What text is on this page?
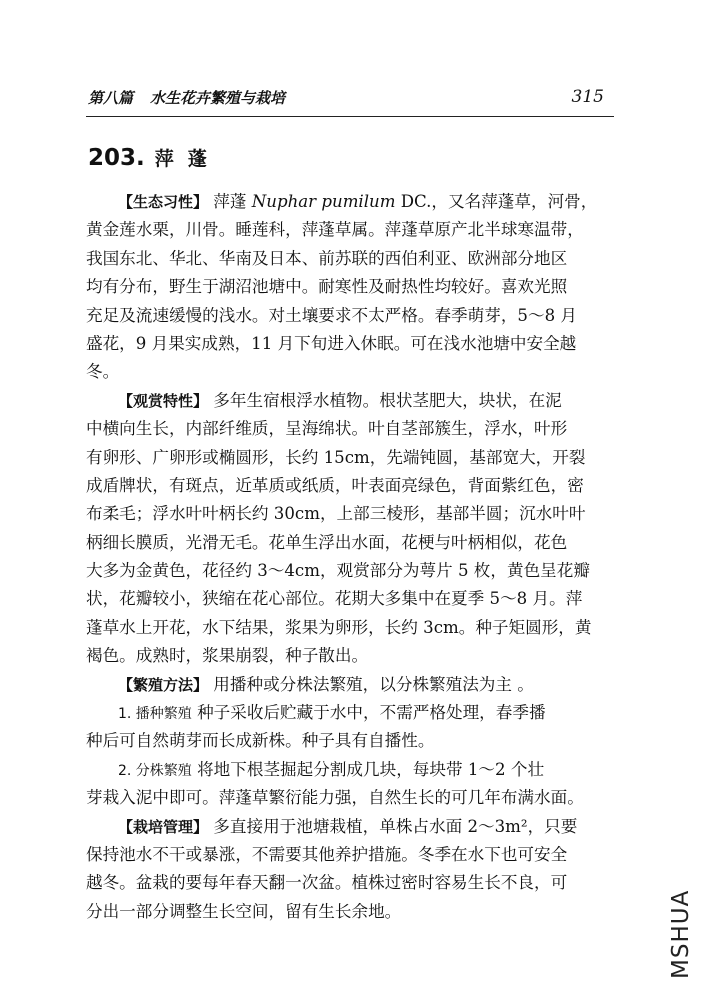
第八篇 水生花卉繁殖与栽培	315
203. 萍蓬
【生态习性】 萍蓬 Nuphar pumilum DC.，又名萍蓬草，河骨，
黄金莲水栗，川骨。睡莲科，萍蓬草属。萍蓬草原产北半球寒温带，
我国东北、华北、华南及日本、前苏联的西伯利亚、欧洲部分地区
均有分布，野生于湖沼池塘中。耐寒性及耐热性均较好。喜欢光照
充足及流速缓慢的浅水。对土壤要求不太严格。春季萌芽，5～8 月
盛花，9 月果实成熟，11 月下旬进入休眠。可在浅水池塘中安全越
冬。
【观赏特性】 多年生宿根浮水植物。根状茎肥大，块状，在泥
中横向生长，内部纤维质，呈海绵状。叶自茎部簇生，浮水，叶形
有卵形、广卵形或椭圆形，长约 15cm，先端钝圆，基部宽大，开裂
成盾牌状，有斑点，近革质或纸质，叶表面亮绿色，背面紫红色，密
布柔毛；浮水叶叶柄长约 30cm，上部三棱形，基部半圆；沉水叶叶
柄细长膜质，光滑无毛。花单生浮出水面，花梗与叶柄相似，花色
大多为金黄色，花径约 3～4cm，观赏部分为萼片 5 枚，黄色呈花瓣
状，花瓣较小，狭缩在花心部位。花期大多集中在夏季 5～8 月。萍
蓬草水上开花，水下结果，浆果为卵形，长约 3cm。种子矩圆形，黄
褐色。成熟时，浆果崩裂，种子散出。
【繁殖方法】 用播种或分株法繁殖，以分株繁殖法为主 。
1. 播种繁殖 种子采收后贮藏于水中，不需严格处理，春季播
种后可自然萌芽而长成新株。种子具有自播性。
2. 分株繁殖 将地下根茎掘起分割成几块，每块带 1～2 个壮
芽栽入泥中即可。萍蓬草繁衍能力强，自然生长的可几年布满水面。
【栽培管理】 多直接用于池塘栽植，单株占水面 2～3m²，只要
保持池水不干或暴涨，不需要其他养护措施。冬季在水下也可安全
越冬。盆栽的要每年春天翻一次盆。植株过密时容易生长不良，可
分出一部分调整生长空间，留有生长余地。	MSHUA
